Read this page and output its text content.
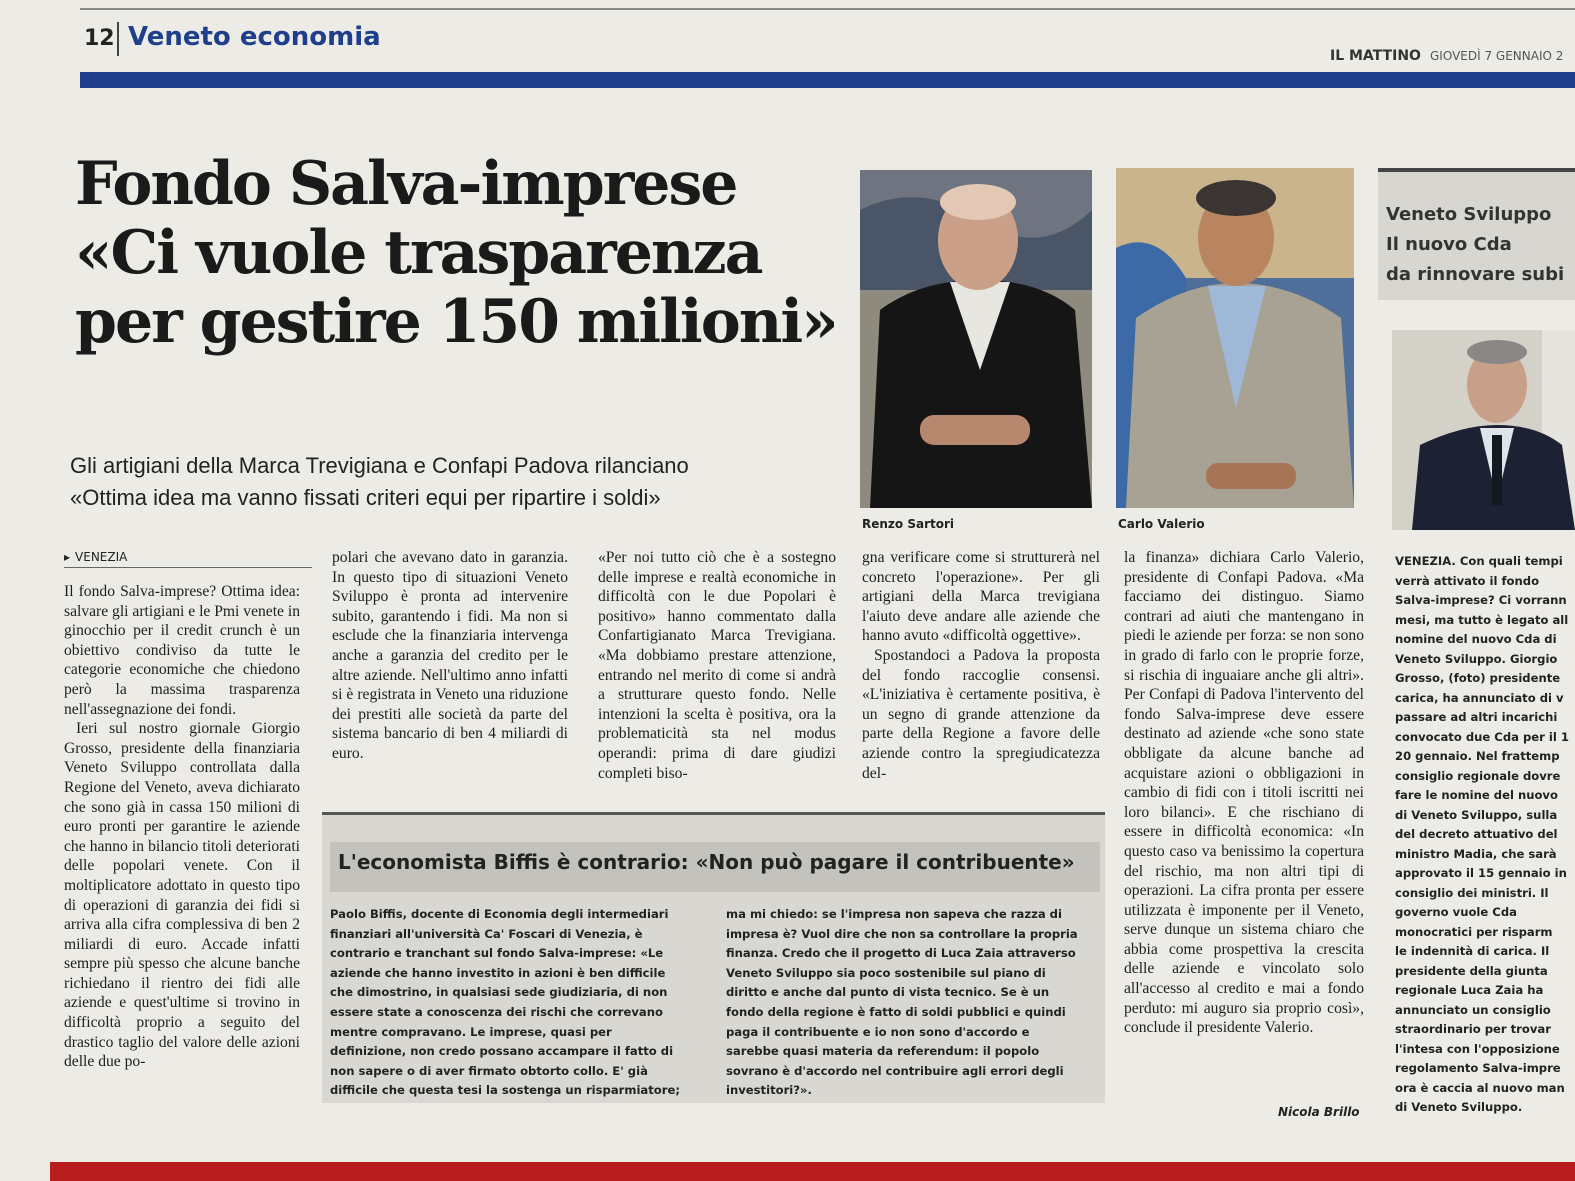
12 Veneto economia
IL MATTINO GIOVEDÌ 7 GENNAIO 2
Fondo Salva-imprese
«Ci vuole trasparenza
per gestire 150 milioni»
Gli artigiani della Marca Trevigiana e Confapi Padova rilanciano
«Ottima idea ma vanno fissati criteri equi per ripartire i soldi»
Renzo Sartori	Carlo Valerio
▸ VENEZIA

Il fondo Salva-imprese? Ottima idea: salvare gli artigiani e le Pmi venete in ginocchio per il credit crunch è un obiettivo condiviso da tutte le categorie economiche che chiedono però la massima trasparenza nell'assegnazione dei fondi.

Ieri sul nostro giornale Giorgio Grosso, presidente della finanziaria Veneto Sviluppo controllata dalla Regione del Veneto, aveva dichiarato che sono già in cassa 150 milioni di euro pronti per garantire le aziende che hanno in bilancio titoli deteriorati delle popolari venete. Con il moltiplicatore adottato in questo tipo di operazioni di garanzia dei fidi si arriva alla cifra complessiva di ben 2 miliardi di euro. Accade infatti sempre più spesso che alcune banche richiedano il rientro dei fidi alle aziende e quest'ultime si trovino in difficoltà proprio a seguito del drastico taglio del valore delle azioni delle due po-

polari che avevano dato in garanzia. In questo tipo di situazioni Veneto Sviluppo è pronta ad intervenire subito, garantendo i fidi. Ma non si esclude che la finanziaria intervenga anche a garanzia del credito per le altre aziende. Nell'ultimo anno infatti si è registrata in Veneto una riduzione dei prestiti alle società da parte del sistema bancario di ben 4 miliardi di euro.

«Per noi tutto ciò che è a sostegno delle imprese e realtà economiche in difficoltà con le due Popolari è positivo» hanno commentato dalla Confartigianato Marca Trevigiana. «Ma dobbiamo prestare attenzione, entrando nel merito di come si andrà a strutturare questo fondo. Nelle intenzioni la scelta è positiva, ora la problematicità sta nel modus operandi: prima di dare giudizi completi biso-

gna verificare come si strutturerà nel concreto l'operazione». Per gli artigiani della Marca trevigiana l'aiuto deve andare alle aziende che hanno avuto «difficoltà oggettive».

Spostandoci a Padova la proposta del fondo raccoglie consensi. «L'iniziativa è certamente positiva, è un segno di grande attenzione da parte della Regione a favore delle aziende contro la spregiudicatezza del-

la finanza» dichiara Carlo Valerio, presidente di Confapi Padova. «Ma facciamo dei distinguo. Siamo contrari ad aiuti che mantengano in piedi le aziende per forza: se non sono in grado di farlo con le proprie forze, si rischia di inguaiare anche gli altri». Per Confapi di Padova l'intervento del fondo Salva-imprese deve essere destinato ad aziende «che sono state obbligate da alcune banche ad acquistare azioni o obbligazioni in cambio di fidi con i titoli iscritti nei loro bilanci». E che rischiano di essere in difficoltà economica: «In questo caso va benissimo la copertura del rischio, ma non altri tipi di operazioni. La cifra pronta per essere utilizzata è imponente per il Veneto, serve dunque un sistema chiaro che abbia come prospettiva la crescita delle aziende e vincolato solo all'accesso al credito e mai a fondo perduto: mi auguro sia proprio così», conclude il presidente Valerio.

Nicola Brillo
Veneto Sviluppo
Il nuovo Cda
da rinnovare subi
VENEZIA. Con quali tempi
verrà attivato il fondo
Salva-imprese? Ci vorrann
mesi, ma tutto è legato all
nomine del nuovo Cda di
Veneto Sviluppo. Giorgio
Grosso, (foto) presidente
carica, ha annunciato di v
passare ad altri incarichi
convocato due Cda per il 1
20 gennaio. Nel frattemp
consiglio regionale dovre
fare le nomine del nuovo
di Veneto Sviluppo, sulla
del decreto attuativo del
ministro Madia, che sarà
approvato il 15 gennaio in
consiglio dei ministri. Il
governo vuole Cda
monocratici per risparm
le indennità di carica. Il
presidente della giunta
regionale Luca Zaia ha
annunciato un consiglio
straordinario per trovar
l'intesa con l'opposizione
regolamento Salva-impre
ora è caccia al nuovo man
di Veneto Sviluppo.
L'economista Biffis è contrario: «Non può pagare il contribuente»
Paolo Biffis, docente di Economia degli intermediari
finanziari all'università Ca' Foscari di Venezia, è
contrario e tranchant sul fondo Salva-imprese: «Le
aziende che hanno investito in azioni è ben difficile
che dimostrino, in qualsiasi sede giudiziaria, di non
essere state a conoscenza dei rischi che correvano
mentre compravano. Le imprese, quasi per
definizione, non credo possano accampare il fatto di
non sapere o di aver firmato obtorto collo. E' già
difficile che questa tesi la sostenga un risparmiatore;
ma mi chiedo: se l'impresa non sapeva che razza di
impresa è? Vuol dire che non sa controllare la propria
finanza. Credo che il progetto di Luca Zaia attraverso
Veneto Sviluppo sia poco sostenibile sul piano di
diritto e anche dal punto di vista tecnico. Se è un
fondo della regione è fatto di soldi pubblici e quindi
paga il contribuente e io non sono d'accordo e
sarebbe quasi materia da referendum: il popolo
sovrano è d'accordo nel contribuire agli errori degli
investitori?».
